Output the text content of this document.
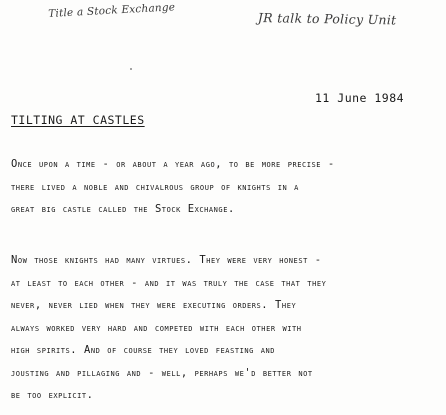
Title a Stock Exchange	JR talk to Policy Unit
11 June 1984
TILTING AT CASTLES
Once upon a time - or about a year ago, to be more precise -
there lived a noble and chivalrous group of knights in a
great big castle called the Stock Exchange.
Now those knights had many virtues. They were very honest -
at least to each other - and it was truly the case that they
never, never lied when they were executing orders. They
always worked very hard and competed with each other with
high spirits. And of course they loved feasting and
jousting and pillaging and - well, perhaps we'd better not
be too explicit.
